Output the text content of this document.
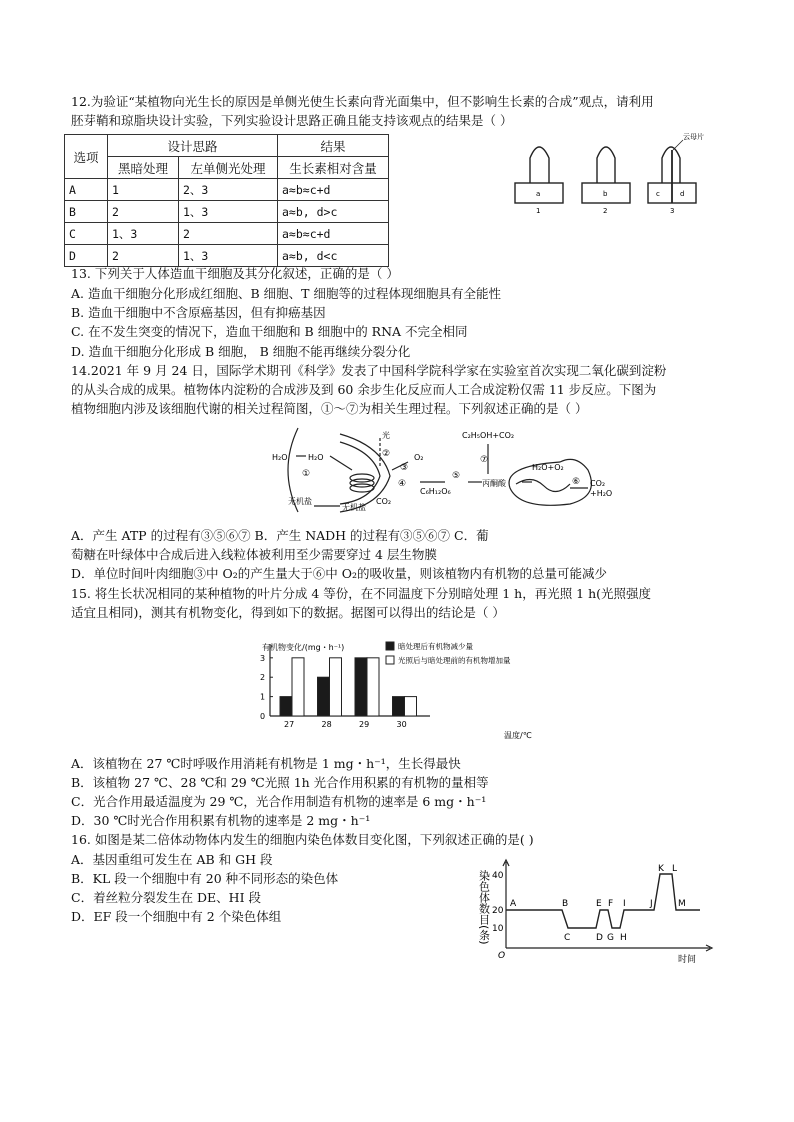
12.为验证“某植物向光生长的原因是单侧光使生长素向背光面集中，但不影响生长素的合成”观点，请利用
胚芽鞘和琼脂块设计实验，下列实验设计思路正确且能支持该观点的结果是（ ）
选项	设计思路		结果
	黑暗处理	左单侧光处理	生长素相对含量
A	1	2、3	a≈b≈c+d
B	2	1、3	a≈b, d>c
C	1、3	2	a≈b≈c+d
D	2	1、3	a≈b, d<c
云母片
a	b	c	d
1	2	3
13. 下列关于人体造血干细胞及其分化叙述，正确的是（ ）
A. 造血干细胞分化形成红细胞、B 细胞、T 细胞等的过程体现细胞具有全能性
B. 造血干细胞中不含原癌基因，但有抑癌基因
C. 在不发生突变的情况下，造血干细胞和 B 细胞中的 RNA 不完全相同
D. 造血干细胞分化形成 B 细胞， B 细胞不能再继续分裂分化
14.2021 年 9 月 24 日，国际学术期刊《科学》发表了中国科学院科学家在实验室首次实现二氧化碳到淀粉
的从头合成的成果。植物体内淀粉的合成涉及到 60 余步生化反应而人工合成淀粉仅需 11 步反应。下图为
植物细胞内涉及该细胞代谢的相关过程简图，①～⑦为相关生理过程。下列叙述正确的是（ ）
H₂O	H₂O
光
O₂
CO₂
C₆H₁₂O₆
丙酮酸
C₂H₅OH+CO₂
H₂O+O₂
CO₂
+H₂O
无机盐
无机盐
①
②
③
④
⑤
⑥
⑦
A．产生 ATP 的过程有③⑤⑥⑦ B．产生 NADH 的过程有③⑤⑥⑦ C．葡
萄糖在叶绿体中合成后进入线粒体被利用至少需要穿过 4 层生物膜
D．单位时间叶肉细胞③中 O₂的产生量大于⑥中 O₂的吸收量，则该植物内有机物的总量可能减少
15. 将生长状况相同的某种植物的叶片分成 4 等份，在不同温度下分别暗处理 1 h，再光照 1 h(光照强度
适宜且相同)，测其有机物变化，得到如下的数据。据图可以得出的结论是（ ）
有机物变化/(mg・h⁻¹)
温度/℃
0
1
2
3
27	28	29	30
暗处理后有机物减少量
光照后与暗处理前的有机物增加量
A．该植物在 27 ℃时呼吸作用消耗有机物是 1 mg・h⁻¹，生长得最快
B．该植物 27 ℃、28 ℃和 29 ℃光照 1h 光合作用积累的有机物的量相等
C．光合作用最适温度为 29 ℃，光合作用制造有机物的速率是 6 mg・h⁻¹
D．30 ℃时光合作用积累有机物的速率是 2 mg・h⁻¹
16. 如图是某二倍体动物体内发生的细胞内染色体数目变化图，下列叙述正确的是( )
A．基因重组可发生在 AB 和 GH 段
B．KL 段一个细胞中有 20 种不同形态的染色体
C．着丝粒分裂发生在 DE、HI 段
D．EF 段一个细胞中有 2 个染色体组	染色体数目(条) 40
20
10
O	时间
A	B
C	D
E F
G H
I	J
K L
M
